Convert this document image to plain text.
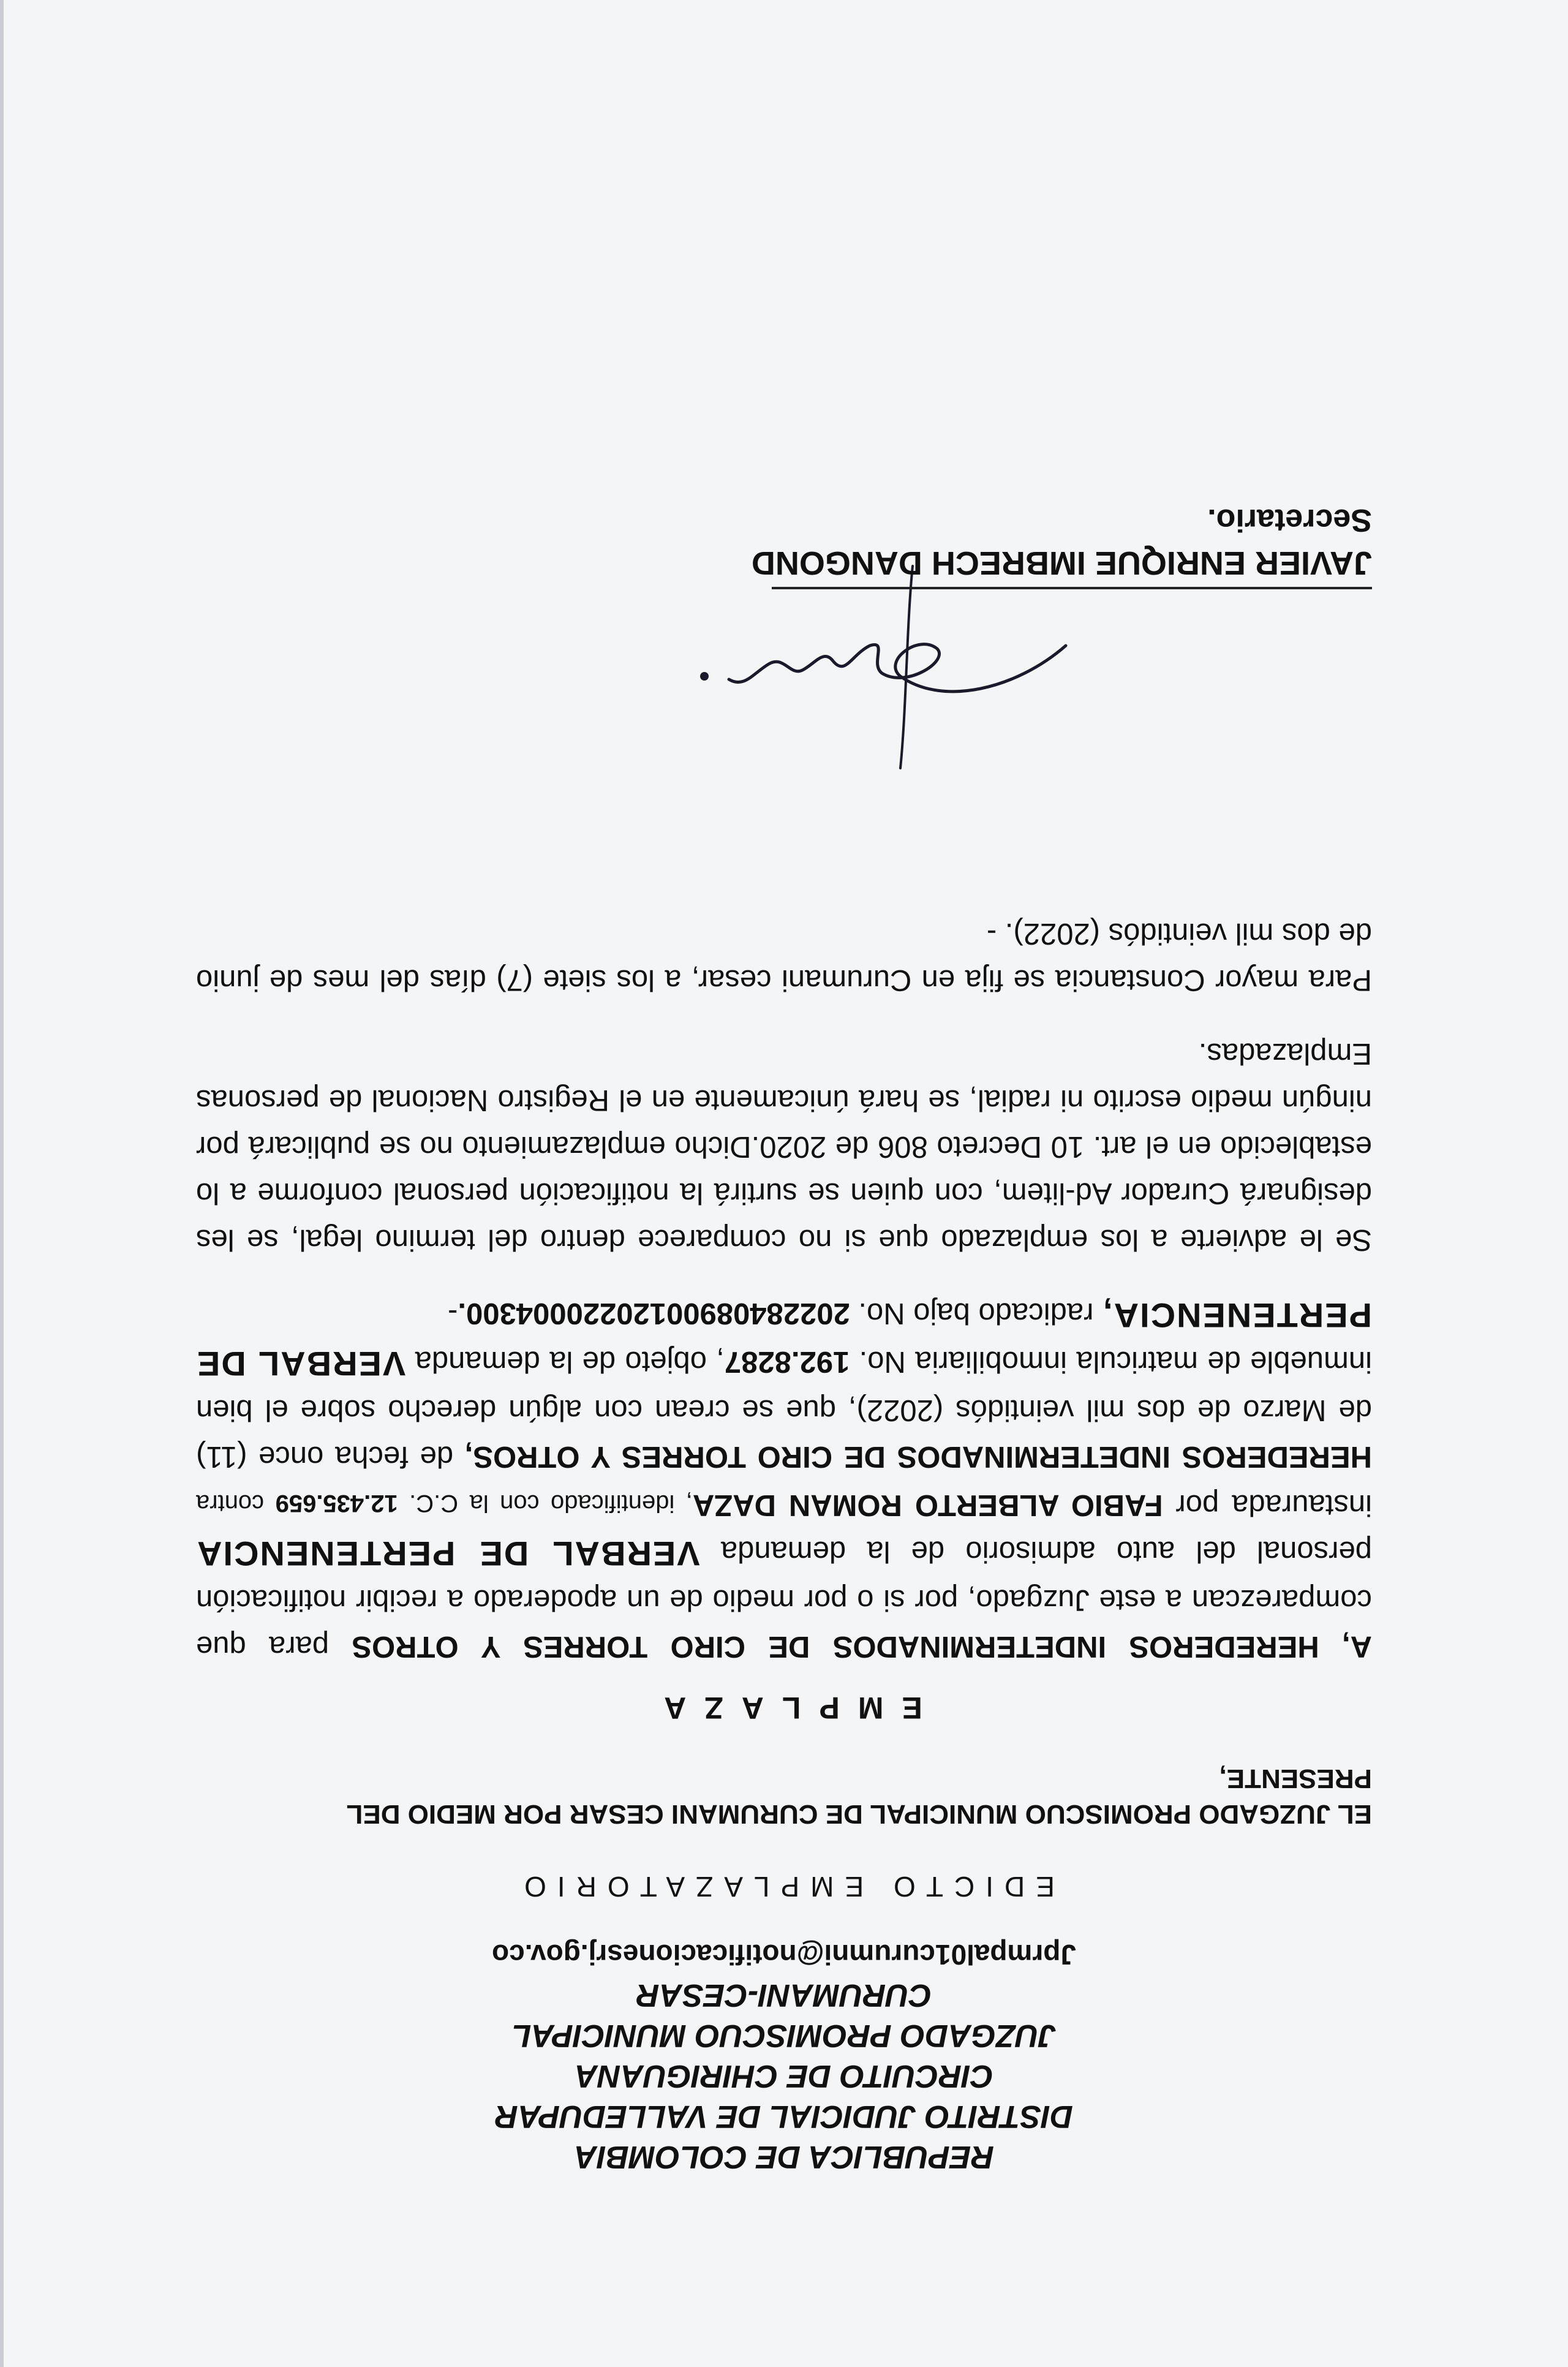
REPUBLICA DE COLOMBIA
DISTRITO JUDICIAL DE VALLEDUPAR
CIRCUITO DE CHIRIGUANA
JUZGADO PROMISCUO MUNICIPAL
CURUMANI-CESAR
Jprmpal01curumni@notificacionesrj.gov.co
EDICTO EMPLAZATORIO
EL JUZGADO PROMISCUO MUNICIPAL DE CURUMANI CESAR POR MEDIO DEL PRESENTE,
EMPLAZA

A, HEREDEROS INDETERMINADOS DE CIRO TORRES Y OTROS para que comparezcan a este Juzgado, por si o por medio de un apoderado a recibir notificación personal del auto admisorio de la demanda VERBAL DE PERTENENCIA instaurada por FABIO ALBERTO ROMAN DAZA, identificado con la C.C. 12.435.659 contra HEREDEROS INDETERMINADOS DE CIRO TORRES Y OTROS, de fecha once (11) de Marzo de dos mil veintidós (2022), que se crean con algún derecho sobre el bien inmueble de matricula inmobiliaria No. 192.8287, objeto de la demanda VERBAL DE PERTENENCIA, radicado bajo No. 20228408900120220004300.-

Se le advierte a los emplazado que si no comparece dentro del termino legal, se les designará Curador Ad-litem, con quien se surtirá la notificación personal conforme a lo establecido en el art. 10 Decreto 806 de 2020.Dicho emplazamiento no se publicará por ningún medio escrito ni radial, se hará únicamente en el Registro Nacional de personas Emplazadas.

Para mayor Constancia se fija en Curumani cesar, a los siete (7) días del mes de junio de dos mil veintidós (2022). -

JAVIER ENRIQUE IMBRECH DANGOND
Secretario.
